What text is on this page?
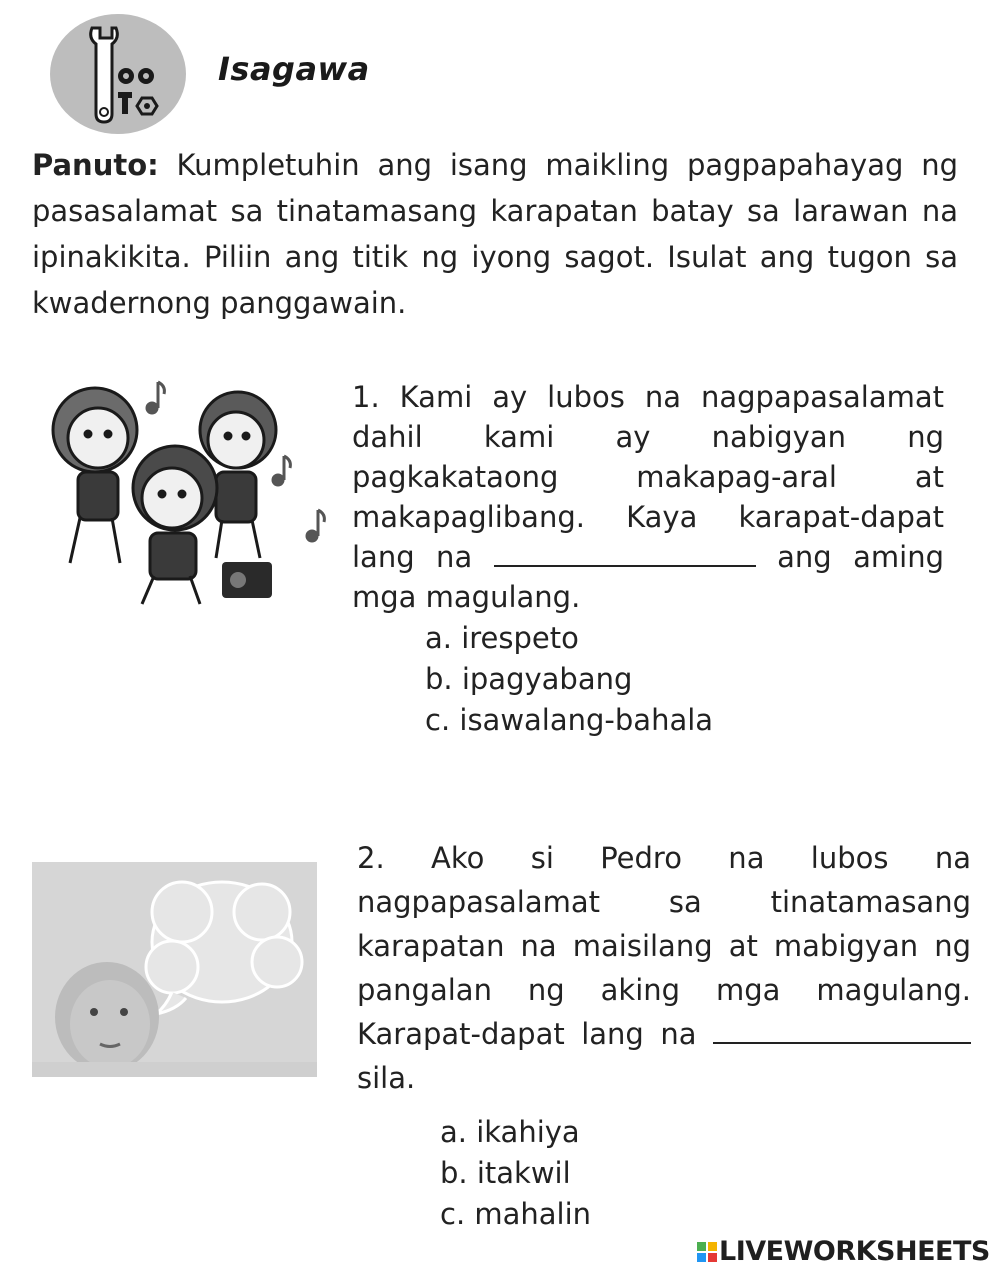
Isagawa
Panuto: Kumpletuhin ang isang maikling pagpapahayag ng pasasalamat sa tinatamasang karapatan batay sa larawan na ipinakikita. Piliin ang titik ng iyong sagot. Isulat ang tugon sa kwadernong panggawain.
1. Kami ay lubos na nagpapasalamat dahil kami ay nabigyan ng pagkakataong makapag-aral at makapaglibang. Kaya karapat-dapat lang na	ang aming mga magulang.
a. irespeto
b. ipagyabang
c. isawalang-bahala
2. Ako si Pedro na lubos na nagpapasalamat sa tinatamasang karapatan na maisilang at mabigyan ng pangalan ng aking mga magulang. Karapat-dapat lang na  sila.
a. ikahiya
b. itakwil
c. mahalin
LIVEWORKSHEETS
